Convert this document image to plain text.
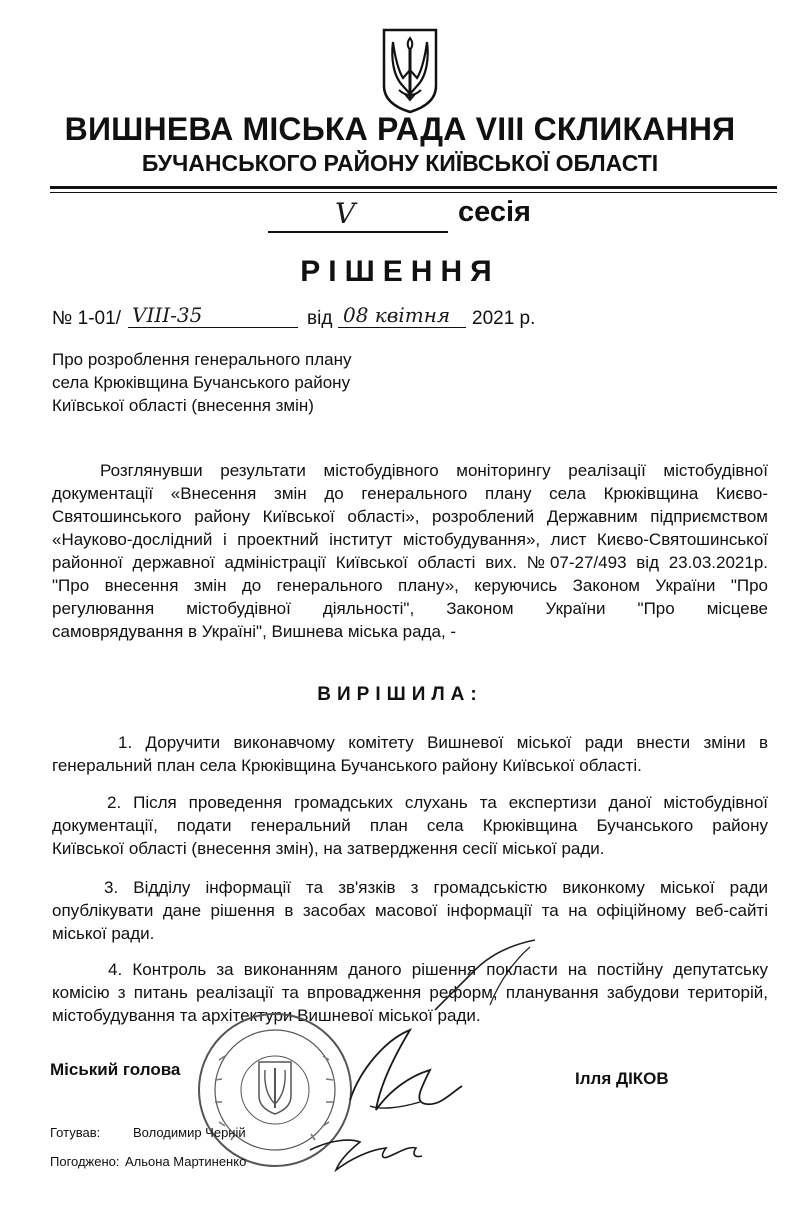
ВИШНЕВА МІСЬКА РАДА VIII СКЛИКАННЯ
БУЧАНСЬКОГО РАЙОНУ КИЇВСЬКОЇ ОБЛАСТІ
V	сесія
РІШЕННЯ
№ 1-01/ VIII-35	від 08 квітня 2021 р.
Про розроблення генерального плану
села Крюківщина Бучанського району
Київської області (внесення змін)
Розглянувши результати містобудівного моніторингу реалізації містобудівної
документації «Внесення змін до генерального плану села Крюківщина Києво-
Святошинського району Київської області», розроблений Державним підприємством
«Науково-дослідний і проектний інститут містобудування», лист Києво-Святошинської
районної державної адміністрації Київської області вих. №07-27/493 від 23.03.2021р.
"Про внесення змін до генерального плану», керуючись Законом України "Про
регулювання містобудівної діяльності", Законом України "Про місцеве
самоврядування в Україні", Вишнева міська рада, -
ВИРІШИЛА:
1. Доручити виконавчому комітету Вишневої міської ради внести зміни в
генеральний план села Крюківщина Бучанського району Київської області.
2. Після проведення громадських слухань та експертизи даної містобудівної
документації, подати генеральний план села Крюківщина Бучанського району
Київської області (внесення змін), на затвердження сесії міської ради.
3. Відділу інформації та зв'язків з громадськістю виконкому міської ради
опублікувати дане рішення в засобах масової інформації та на офіційному веб-сайті
міської ради.
4. Контроль за виконанням даного рішення покласти на постійну депутатську
комісію з питань реалізації та впровадження реформ, планування забудови територій,
містобудування та архітектури Вишневої міської ради.
Міський голова	Ілля ДІКОВ
Готував:	Володимир Черній
Погоджено: Альона Мартиненко
